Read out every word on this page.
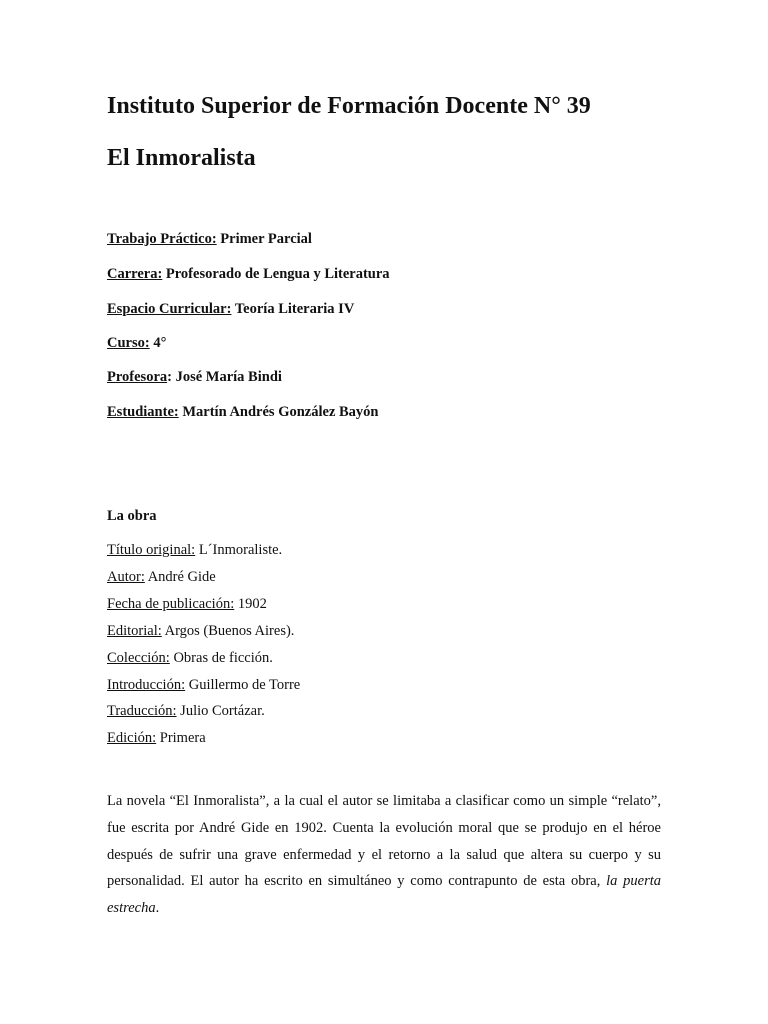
Instituto Superior de Formación Docente N° 39
El Inmoralista

Trabajo Práctico: Primer Parcial

Carrera: Profesorado de Lengua y Literatura

Espacio Curricular: Teoría Literaria IV

Curso: 4°

Profesora: José María Bindi

Estudiante: Martín Andrés González Bayón

La obra

Título original: L´Inmoraliste.

Autor: André Gide

Fecha de publicación: 1902

Editorial: Argos (Buenos Aires).

Colección: Obras de ficción.

Introducción: Guillermo de Torre

Traducción: Julio Cortázar.

Edición: Primera

La novela “El Inmoralista”, a la cual el autor se limitaba a clasificar como un simple “relato”, fue escrita por André Gide en 1902. Cuenta la evolución moral que se produjo en el héroe después de sufrir una grave enfermedad y el retorno a la salud que altera su cuerpo y su personalidad. El autor ha escrito en simultáneo y como contrapunto de esta obra, la puerta estrecha.
